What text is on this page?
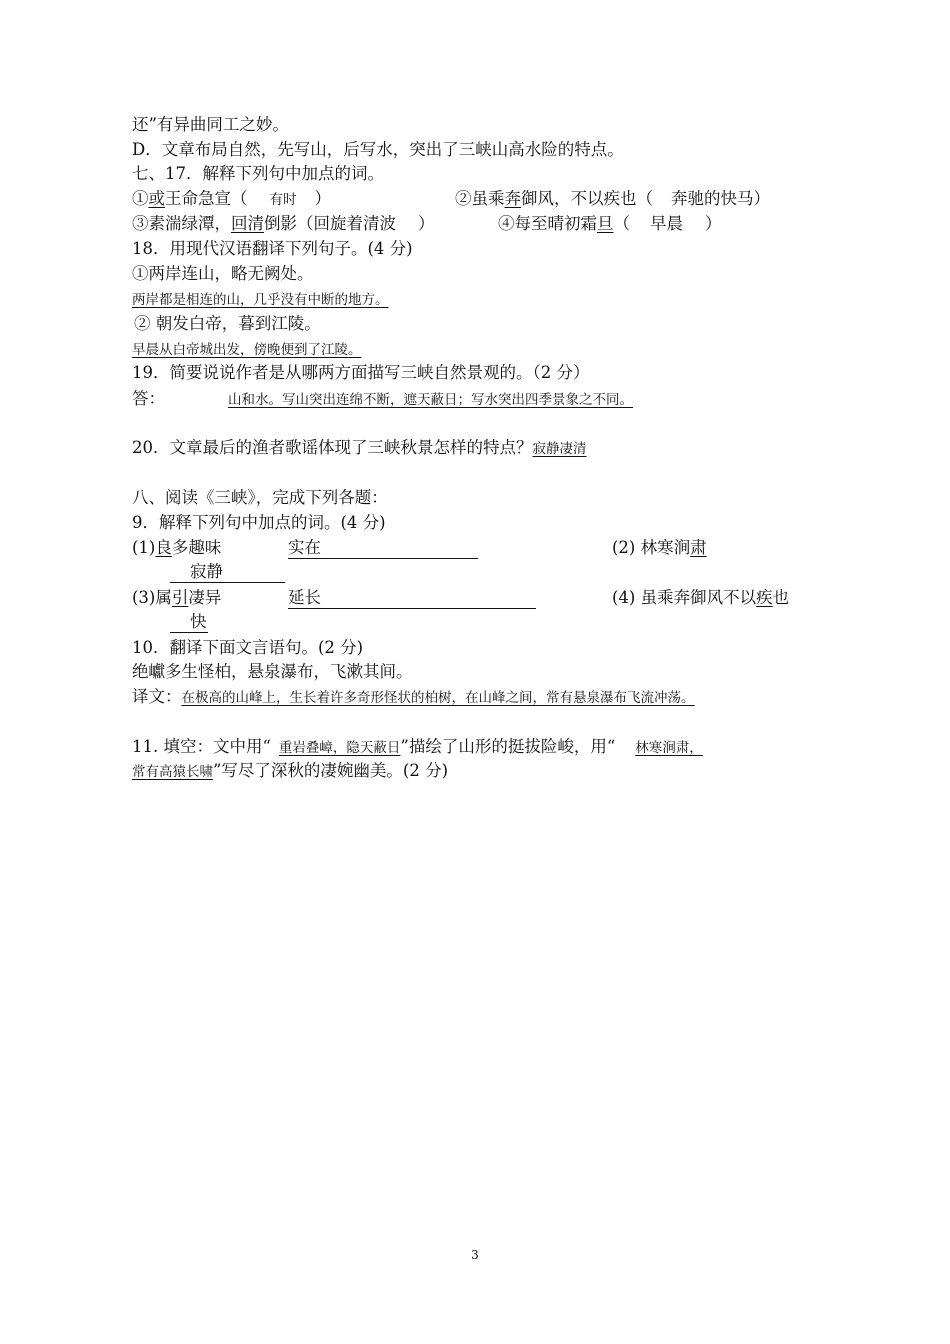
还”有异曲同工之妙。
D．文章布局自然，先写山，后写水，突出了三峡山高水险的特点。
七、17．解释下列句中加点的词。
①或王命急宣（ 有时 ）	②虽乘奔御风，不以疾也（ 奔驰的快马）
③素湍绿潭，回清倒影（回旋着清波 ）	④每至晴初霜旦（ 早晨 ）
18．用现代汉语翻译下列句子。(4 分)
①两岸连山，略无阙处。
两岸都是相连的山，几乎没有中断的地方。
② 朝发白帝，暮到江陵。
早晨从白帝城出发，傍晚便到了江陵。
19．简要说说作者是从哪两方面描写三峡自然景观的。（2 分）
答：	山和水。写山突出连绵不断，遮天蔽日；写水突出四季景象之不同。
20．文章最后的渔者歌谣体现了三峡秋景怎样的特点？寂静凄清
八、阅读《三峡》，完成下列各题：
9．解释下列句中加点的词。(4 分)
(1)良多趣味	实在	(2) 林寒涧肃
寂静
(3)属引凄异	延长	(4) 虽乘奔御风不以疾也
快
10．翻译下面文言语句。(2 分)
绝巘多生怪柏，悬泉瀑布，飞漱其间。
译文：在极高的山峰上，生长着许多奇形怪状的柏树，在山峰之间，常有悬泉瀑布飞流冲荡。
11. 填空：文中用“ 重岩叠嶂，隐天蔽日”描绘了山形的挺拔险峻，用“ 林寒涧肃，
常有高猿长啸”写尽了深秋的凄婉幽美。(2 分)
3
